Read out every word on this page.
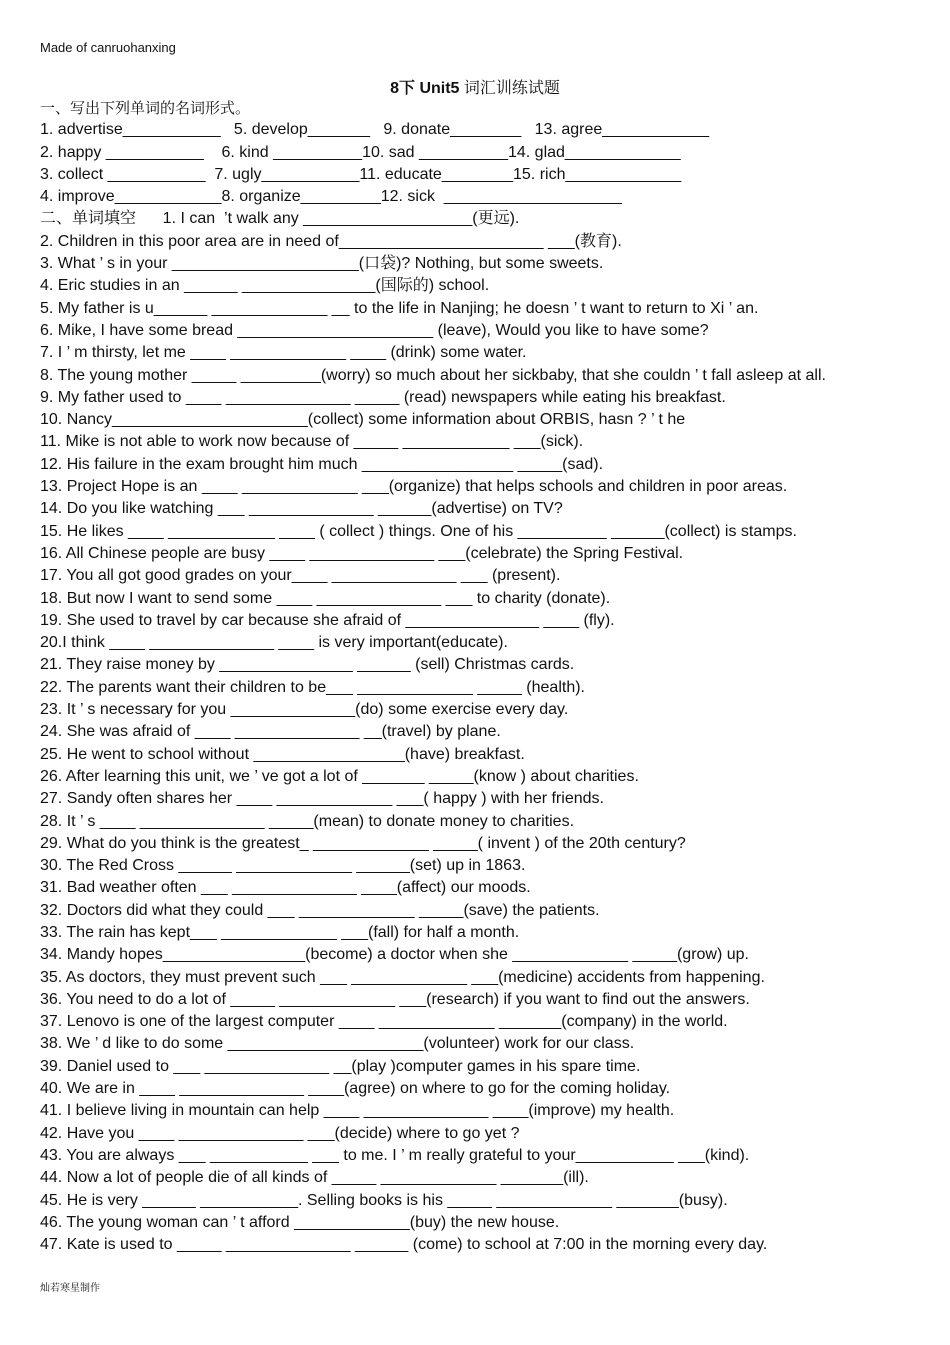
Made of canruohanxing
8下 Unit5 词汇训练试题
一、写出下列单词的名词形式。
1. advertise___________   5. develop_______   9. donate________   13. agree____________
2. happy ___________    6. kind __________10. sad __________14. glad_____________
3. collect ___________  7. ugly___________11. educate________15. rich_____________
4. improve____________8. organize_________12. sick  ____________________
二、单词填空      1. I can  ’t walk any ___________________(更远).
2. Children in this poor area are in need of_______________________ ___(教育).
3. What ’ s in your _____________________(口袋)? Nothing, but some sweets.
4. Eric studies in an ______ _______________(国际的) school.
5. My father is u______ _____________ __ to the life in Nanjing; he doesn ’ t want to return to Xi ’ an.
6. Mike, I have some bread ______________________ (leave), Would you like to have some?
7. I ’ m thirsty, let me ____ _____________ ____ (drink) some water.
8. The young mother _____ _________(worry) so much about her sickbaby, that she couldn ’ t fall asleep at all.
9. My father used to ____ ______________ _____ (read) newspapers while eating his breakfast.
10. Nancy______________________(collect) some information about ORBIS, hasn ? ’ t he
11. Mike is not able to work now because of _____ ____________ ___(sick).
12. His failure in the exam brought him much _________________ _____(sad).
13. Project Hope is an ____ _____________ ___(organize) that helps schools and children in poor areas.
14. Do you like watching ___ ______________ ______(advertise) on TV?
15. He likes ____ ____________ ____ ( collect ) things. One of his __________ ______(collect) is stamps.
16. All Chinese people are busy ____ ______________ ___(celebrate) the Spring Festival.
17. You all got good grades on your____ ______________ ___ (present).
18. But now I want to send some ____ ______________ ___ to charity (donate).
19. She used to travel by car because she afraid of _______________ ____ (fly).
20.I think ____ ______________ ____ is very important(educate).
21. They raise money by _______________ ______ (sell) Christmas cards.
22. The parents want their children to be___ _____________ _____ (health).
23. It ’ s necessary for you ______________(do) some exercise every day.
24. She was afraid of ____ ______________ __(travel) by plane.
25. He went to school without _________________(have) breakfast.
26. After learning this unit, we ’ ve got a lot of _______ _____(know ) about charities.
27. Sandy often shares her ____ _____________ ___( happy ) with her friends.
28. It ’ s ____ ______________ _____(mean) to donate money to charities.
29. What do you think is the greatest_ _____________ _____( invent ) of the 20th century?
30. The Red Cross ______ _____________ ______(set) up in 1863.
31. Bad weather often ___ ______________ ____(affect) our moods.
32. Doctors did what they could ___ _____________ _____(save) the patients.
33. The rain has kept___ _____________ ___(fall) for half a month.
34. Mandy hopes________________(become) a doctor when she _____________ _____(grow) up.
35. As doctors, they must prevent such ___ _____________ ___(medicine) accidents from happening.
36. You need to do a lot of _____ _____________ ___(research) if you want to find out the answers.
37. Lenovo is one of the largest computer ____ _____________ _______(company) in the world.
38. We ’ d like to do some ______________________(volunteer) work for our class.
39. Daniel used to ___ ______________ __(play )computer games in his spare time.
40. We are in ____ ______________ ____(agree) on where to go for the coming holiday.
41. I believe living in mountain can help ____ ______________ ____(improve) my health.
42. Have you ____ ______________ ___(decide) where to go yet ?
43. You are always ___ ___________ ___ to me. I ’ m really grateful to your___________ ___(kind).
44. Now a lot of people die of all kinds of _____ _____________ _______(ill).
45. He is very ______ ___________. Selling books is his _____ _____________ _______(busy).
46. The young woman can ’ t afford _____________(buy) the new house.
47. Kate is used to _____ ______________ ______ (come) to school at 7:00 in the morning every day.
灿若寒星制作
